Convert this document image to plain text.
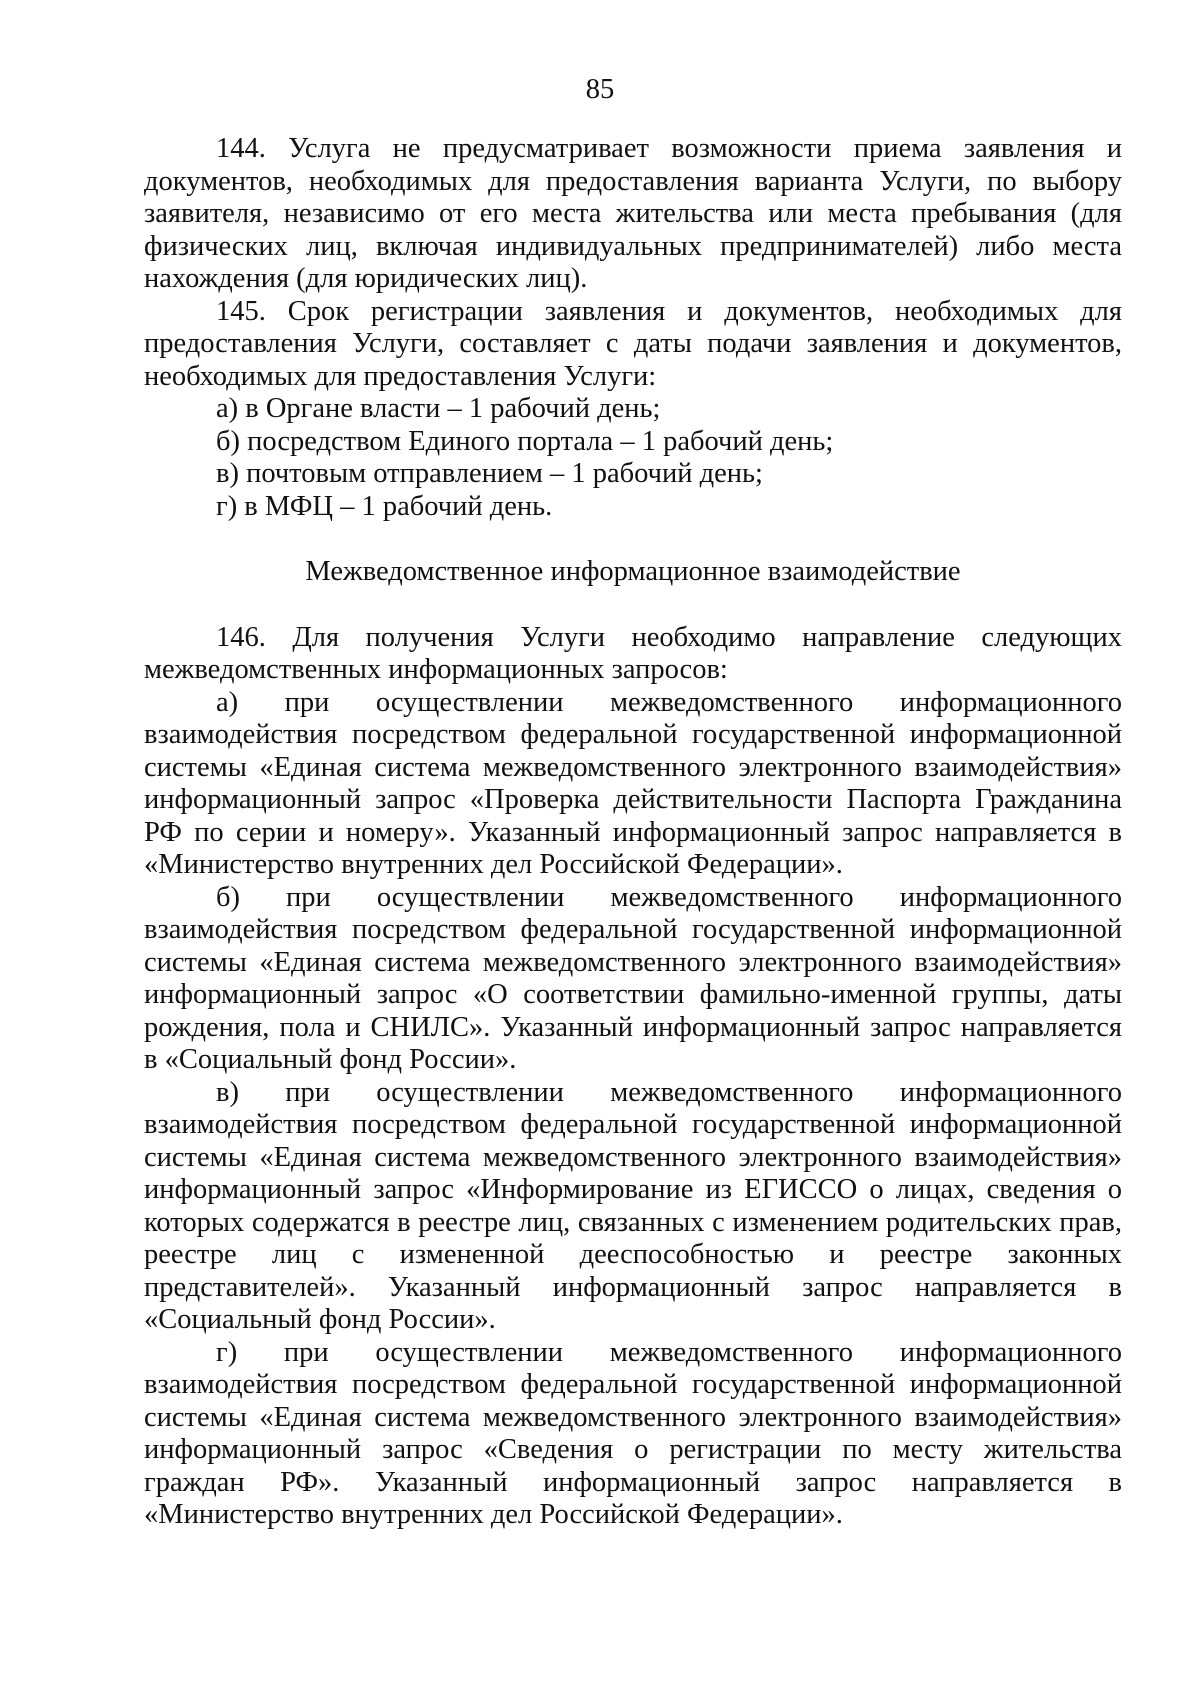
85

144. Услуга не предусматривает возможности приема заявления и документов, необходимых для предоставления варианта Услуги, по выбору заявителя, независимо от его места жительства или места пребывания (для физических лиц, включая индивидуальных предпринимателей) либо места нахождения (для юридических лиц).

145. Срок регистрации заявления и документов, необходимых для предоставления Услуги, составляет с даты подачи заявления и документов, необходимых для предоставления Услуги:

а) в Органе власти – 1 рабочий день;

б) посредством Единого портала – 1 рабочий день;

в) почтовым отправлением – 1 рабочий день;

г) в МФЦ – 1 рабочий день.

Межведомственное информационное взаимодействие

146. Для получения Услуги необходимо направление следующих межведомственных информационных запросов:

а) при осуществлении межведомственного информационного взаимодействия посредством федеральной государственной информационной системы «Единая система межведомственного электронного взаимодействия» информационный запрос «Проверка действительности Паспорта Гражданина РФ по серии и номеру». Указанный информационный запрос направляется в «Министерство внутренних дел Российской Федерации».

б) при осуществлении межведомственного информационного взаимодействия посредством федеральной государственной информационной системы «Единая система межведомственного электронного взаимодействия» информационный запрос «О соответствии фамильно-именной группы, даты рождения, пола и СНИЛС». Указанный информационный запрос направляется в «Социальный фонд России».

в) при осуществлении межведомственного информационного взаимодействия посредством федеральной государственной информационной системы «Единая система межведомственного электронного взаимодействия» информационный запрос «Информирование из ЕГИССО о лицах, сведения о которых содержатся в реестре лиц, связанных с изменением родительских прав, реестре лиц с измененной дееспособностью и реестре законных представителей». Указанный информационный запрос направляется в «Социальный фонд России».

г) при осуществлении межведомственного информационного взаимодействия посредством федеральной государственной информационной системы «Единая система межведомственного электронного взаимодействия» информационный запрос «Сведения о регистрации по месту жительства граждан РФ». Указанный информационный запрос направляется в «Министерство внутренних дел Российской Федерации».
